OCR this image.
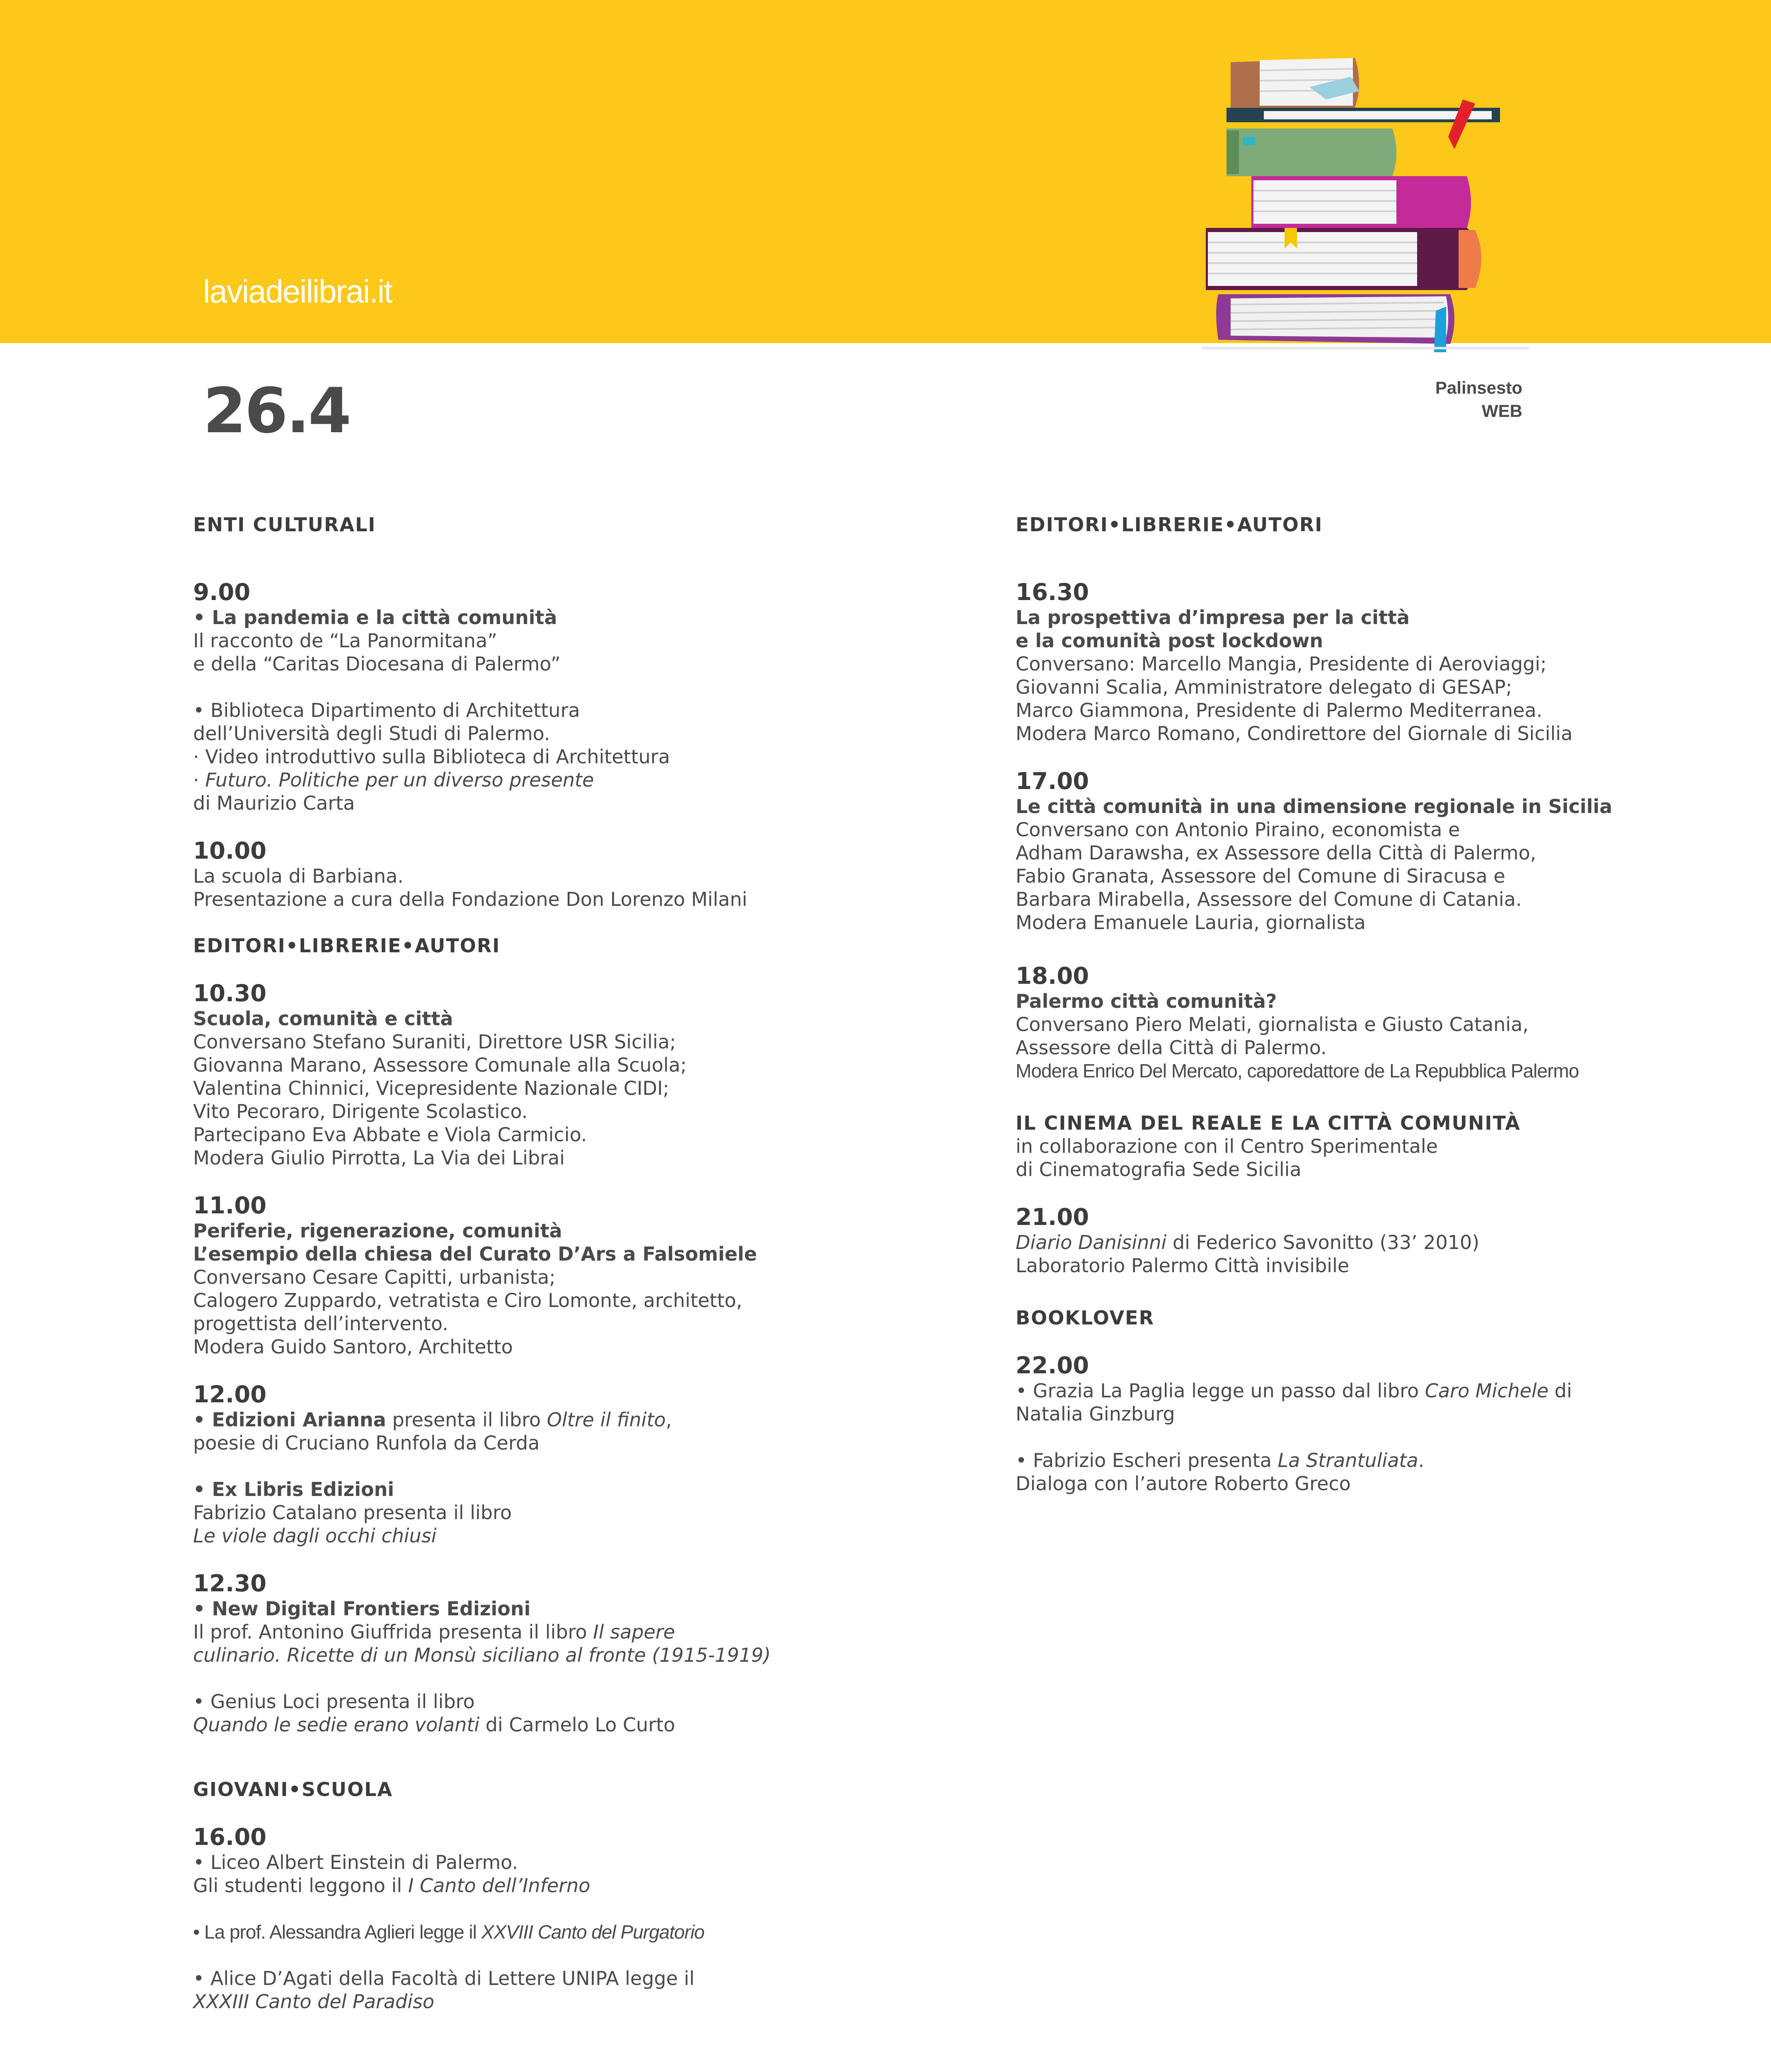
laviadeilibrai.it
26.4	Palinsesto
WEB
ENTI CULTURALI
9.00
• La pandemia e la città comunità
Il racconto de “La Panormitana”
e della “Caritas Diocesana di Palermo”
• Biblioteca Dipartimento di Architettura
dell’Università degli Studi di Palermo.
· Video introduttivo sulla Biblioteca di Architettura
· Futuro. Politiche per un diverso presente
di Maurizio Carta
10.00
La scuola di Barbiana.
Presentazione a cura della Fondazione Don Lorenzo Milani
EDITORI•LIBRERIE•AUTORI
10.30
Scuola, comunità e città
Conversano Stefano Suraniti, Direttore USR Sicilia;
Giovanna Marano, Assessore Comunale alla Scuola;
Valentina Chinnici, Vicepresidente Nazionale CIDI;
Vito Pecoraro, Dirigente Scolastico.
Partecipano Eva Abbate e Viola Carmicio.
Modera Giulio Pirrotta, La Via dei Librai
11.00
Periferie, rigenerazione, comunità
L’esempio della chiesa del Curato D’Ars a Falsomiele
Conversano Cesare Capitti, urbanista;
Calogero Zuppardo, vetratista e Ciro Lomonte, architetto,
progettista dell’intervento.
Modera Guido Santoro, Architetto
12.00
• Edizioni Arianna presenta il libro Oltre il finito,
poesie di Cruciano Runfola da Cerda
• Ex Libris Edizioni
Fabrizio Catalano presenta il libro
Le viole dagli occhi chiusi
12.30
• New Digital Frontiers Edizioni
Il prof. Antonino Giuffrida presenta il libro Il sapere
culinario. Ricette di un Monsù siciliano al fronte (1915-1919)
• Genius Loci presenta il libro
Quando le sedie erano volanti di Carmelo Lo Curto
GIOVANI•SCUOLA
16.00
• Liceo Albert Einstein di Palermo.
Gli studenti leggono il I Canto dell’Inferno
• La prof. Alessandra Aglieri legge il XXVIII Canto del Purgatorio
• Alice D’Agati della Facoltà di Lettere UNIPA legge il
XXXIII Canto del Paradiso
EDITORI•LIBRERIE•AUTORI
16.30
La prospettiva d’impresa per la città
e la comunità post lockdown
Conversano: Marcello Mangia, Presidente di Aeroviaggi;
Giovanni Scalia, Amministratore delegato di GESAP;
Marco Giammona, Presidente di Palermo Mediterranea.
Modera Marco Romano, Condirettore del Giornale di Sicilia
17.00
Le città comunità in una dimensione regionale in Sicilia
Conversano con Antonio Piraino, economista e
Adham Darawsha, ex Assessore della Città di Palermo,
Fabio Granata, Assessore del Comune di Siracusa e
Barbara Mirabella, Assessore del Comune di Catania.
Modera Emanuele Lauria, giornalista
18.00
Palermo città comunità?
Conversano Piero Melati, giornalista e Giusto Catania,
Assessore della Città di Palermo.
Modera Enrico Del Mercato, caporedattore de La Repubblica Palermo
IL CINEMA DEL REALE E LA CITTÀ COMUNITÀ
in collaborazione con il Centro Sperimentale
di Cinematografia Sede Sicilia
21.00
Diario Danisinni di Federico Savonitto (33’ 2010)
Laboratorio Palermo Città invisibile
BOOKLOVER
22.00
• Grazia La Paglia legge un passo dal libro Caro Michele di
Natalia Ginzburg
• Fabrizio Escheri presenta La Strantuliata.
Dialoga con l’autore Roberto Greco
